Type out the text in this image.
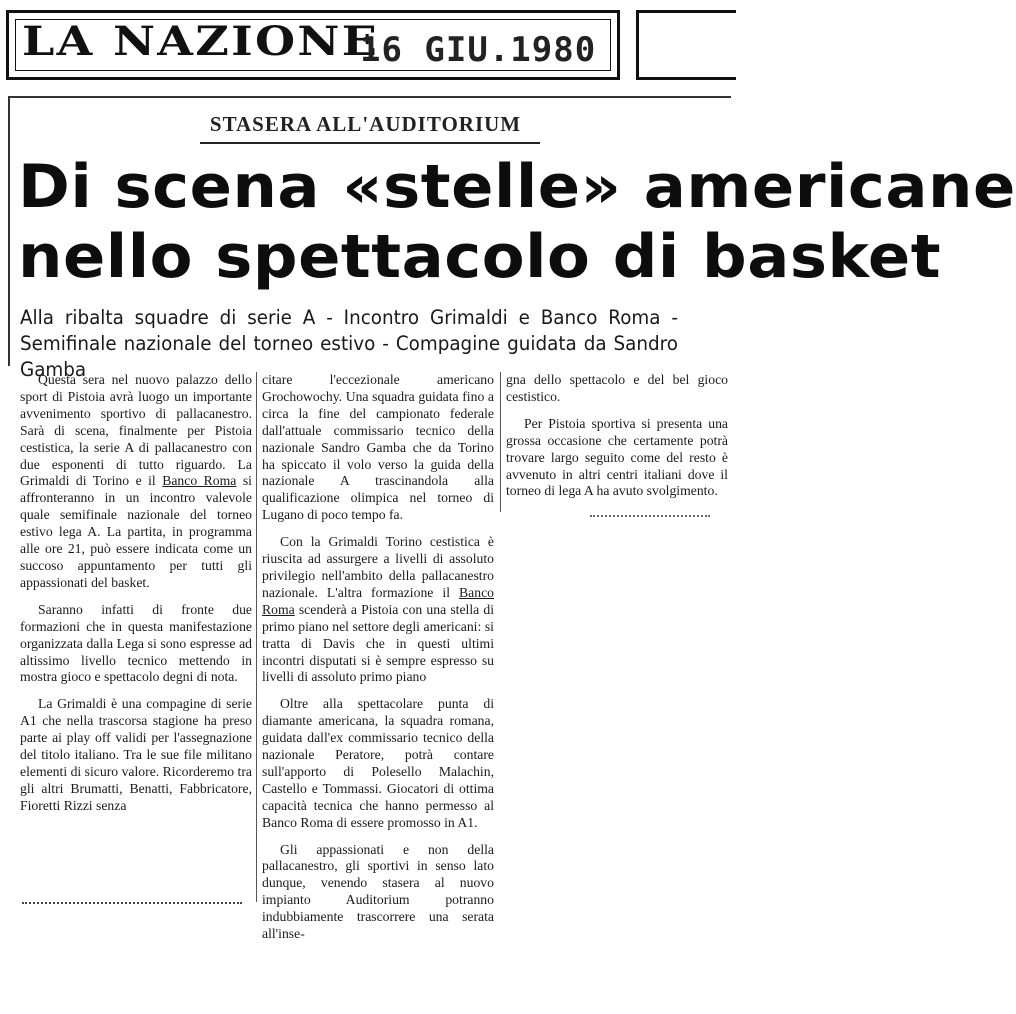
LA NAZIONE
16 GIU.1980
STASERA ALL'AUDITORIUM
Di scena «stelle» americane
nello spettacolo di basket
Alla ribalta squadre di serie A - Incontro Grimaldi e Banco Roma - Semifinale nazionale del torneo estivo - Compagine guidata da Sandro Gamba

Questa sera nel nuovo palazzo dello sport di Pistoia avrà luogo un importante avvenimento sportivo di pallacanestro. Sarà di scena, finalmente per Pistoia cestistica, la serie A di pallacanestro con due esponenti di tutto riguardo. La Grimaldi di Torino e il Banco Roma si affronteranno in un incontro valevole quale semifinale nazionale del torneo estivo lega A. La partita, in programma alle ore 21, può essere indicata come un succoso appuntamento per tutti gli appassionati del basket.

Saranno infatti di fronte due formazioni che in questa manifestazione organizzata dalla Lega si sono espresse ad altissimo livello tecnico mettendo in mostra gioco e spettacolo degni di nota.

La Grimaldi è una compagine di serie A1 che nella trascorsa stagione ha preso parte ai play off validi per l'assegnazione del titolo italiano. Tra le sue file militano elementi di sicuro valore. Ricorderemo tra gli altri Brumatti, Benatti, Fabbricatore, Fioretti Rizzi senza

citare l'eccezionale americano Grochowochy. Una squadra guidata fino a circa la fine del campionato federale dall'attuale commissario tecnico della nazionale Sandro Gamba che da Torino ha spiccato il volo verso la guida della nazionale A trascinandola alla qualificazione olimpica nel torneo di Lugano di poco tempo fa.

Con la Grimaldi Torino cestistica è riuscita ad assurgere a livelli di assoluto privilegio nell'ambito della pallacanestro nazionale. L'altra formazione il Banco Roma scenderà a Pistoia con una stella di primo piano nel settore degli americani: si tratta di Davis che in questi ultimi incontri disputati si è sempre espresso su livelli di assoluto primo piano

Oltre alla spettacolare punta di diamante americana, la squadra romana, guidata dall'ex commissario tecnico della nazionale Peratore, potrà contare sull'apporto di Polesello Malachin, Castello e Tommassi. Giocatori di ottima capacità tecnica che hanno permesso al Banco Roma di essere promosso in A1.

Gli appassionati e non della pallacanestro, gli sportivi in senso lato dunque, venendo stasera al nuovo impianto Auditorium potranno indubbiamente trascorrere una serata all'inse-

gna dello spettacolo e del bel gioco cestistico.

Per Pistoia sportiva si presenta una grossa occasione che certamente potrà trovare largo seguito come del resto è avvenuto in altri centri italiani dove il torneo di lega A ha avuto svolgimento.
